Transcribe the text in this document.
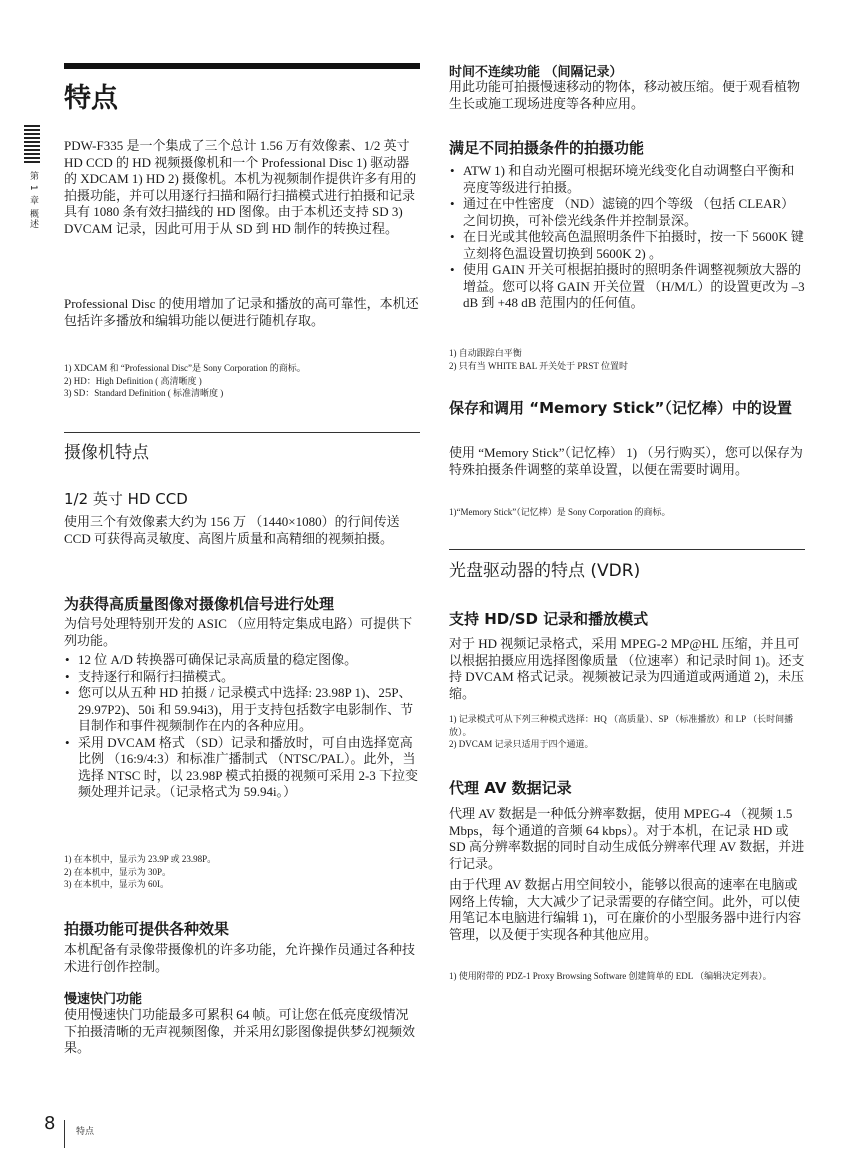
第 1 章 概述
特点
PDW-F335 是一个集成了三个总计 1.56 万有效像素、1/2 英寸 HD CCD 的 HD 视频摄像机和一个 Professional Disc 1) 驱动器的 XDCAM 1) HD 2) 摄像机。本机为视频制作提供许多有用的拍摄功能，并可以用逐行扫描和隔行扫描模式进行拍摄和记录具有 1080 条有效扫描线的 HD 图像。由于本机还支持 SD 3) DVCAM 记录，因此可用于从 SD 到 HD 制作的转换过程。
Professional Disc 的使用增加了记录和播放的高可靠性，本机还包括许多播放和编辑功能以便进行随机存取。
1) XDCAM 和 “Professional Disc”是 Sony Corporation 的商标。
2) HD：High Definition ( 高清晰度 )
3) SD：Standard Definition ( 标准清晰度 )
摄像机特点
1/2 英寸 HD CCD
使用三个有效像素大约为 156 万 （1440×1080）的行间传送 CCD 可获得高灵敏度、高图片质量和高精细的视频拍摄。
为获得高质量图像对摄像机信号进行处理
为信号处理特别开发的 ASIC （应用特定集成电路）可提供下列功能。
• 12 位 A/D 转换器可确保记录高质量的稳定图像。
• 支持逐行和隔行扫描模式。
• 您可以从五种 HD 拍摄 / 记录模式中选择: 23.98P 1)、25P、29.97P2)、50i 和 59.94i3)，用于支持包括数字电影制作、节目制作和事件视频制作在内的各种应用。
• 采用 DVCAM 格式 （SD）记录和播放时，可自由选择宽高比例 （16:9/4:3）和标准广播制式 （NTSC/PAL）。此外，当选择 NTSC 时，以 23.98P 模式拍摄的视频可采用 2-3 下拉变频处理并记录。（记录格式为 59.94i。）
1) 在本机中，显示为 23.9P 或 23.98P。
2) 在本机中，显示为 30P。
3) 在本机中，显示为 60I。
拍摄功能可提供各种效果
本机配备有录像带摄像机的许多功能，允许操作员通过各种技术进行创作控制。
慢速快门功能
使用慢速快门功能最多可累积 64 帧。可让您在低亮度级情况下拍摄清晰的无声视频图像，并采用幻影图像提供梦幻视频效果。
时间不连续功能 （间隔记录）
用此功能可拍摄慢速移动的物体，移动被压缩。便于观看植物生长或施工现场进度等各种应用。
满足不同拍摄条件的拍摄功能
• ATW 1) 和自动光圈可根据环境光线变化自动调整白平衡和亮度等级进行拍摄。
• 通过在中性密度 （ND）滤镜的四个等级 （包括 CLEAR）之间切换，可补偿光线条件并控制景深。
• 在日光或其他较高色温照明条件下拍摄时，按一下 5600K 键立刻将色温设置切换到 5600K 2) 。
• 使用 GAIN 开关可根据拍摄时的照明条件调整视频放大器的增益。您可以将 GAIN 开关位置 （H/M/L）的设置更改为 –3 dB 到 +48 dB 范围内的任何值。
1) 自动跟踪白平衡
2) 只有当 WHITE BAL 开关处于 PRST 位置时
保存和调用 “Memory Stick”（记忆棒）中的设置
使用 “Memory Stick”（记忆棒） 1) （另行购买），您可以保存为特殊拍摄条件调整的菜单设置，以便在需要时调用。
1)“Memory Stick”（记忆棒）是 Sony Corporation 的商标。
光盘驱动器的特点 (VDR)
支持 HD/SD 记录和播放模式
对于 HD 视频记录格式，采用 MPEG-2 MP@HL 压缩，并且可以根据拍摄应用选择图像质量 （位速率）和记录时间 1)。还支持 DVCAM 格式记录。视频被记录为四通道或两通道 2)，未压缩。
1) 记录模式可从下列三种模式选择：HQ （高质量）、SP （标准播放）和 LP （长时间播放）。
2) DVCAM 记录只适用于四个通道。
代理 AV 数据记录
代理 AV 数据是一种低分辨率数据，使用 MPEG-4 （视频 1.5 Mbps，每个通道的音频 64 kbps）。对于本机，在记录 HD 或 SD 高分辨率数据的同时自动生成低分辨率代理 AV 数据，并进行记录。
由于代理 AV 数据占用空间较小，能够以很高的速率在电脑或网络上传输，大大减少了记录需要的存储空间。此外，可以使用笔记本电脑进行编辑 1)，可在廉价的小型服务器中进行内容管理，以及便于实现各种其他应用。
1) 使用附带的 PDZ-1 Proxy Browsing Software 创建简单的 EDL （编辑决定列表）。
8 特点
